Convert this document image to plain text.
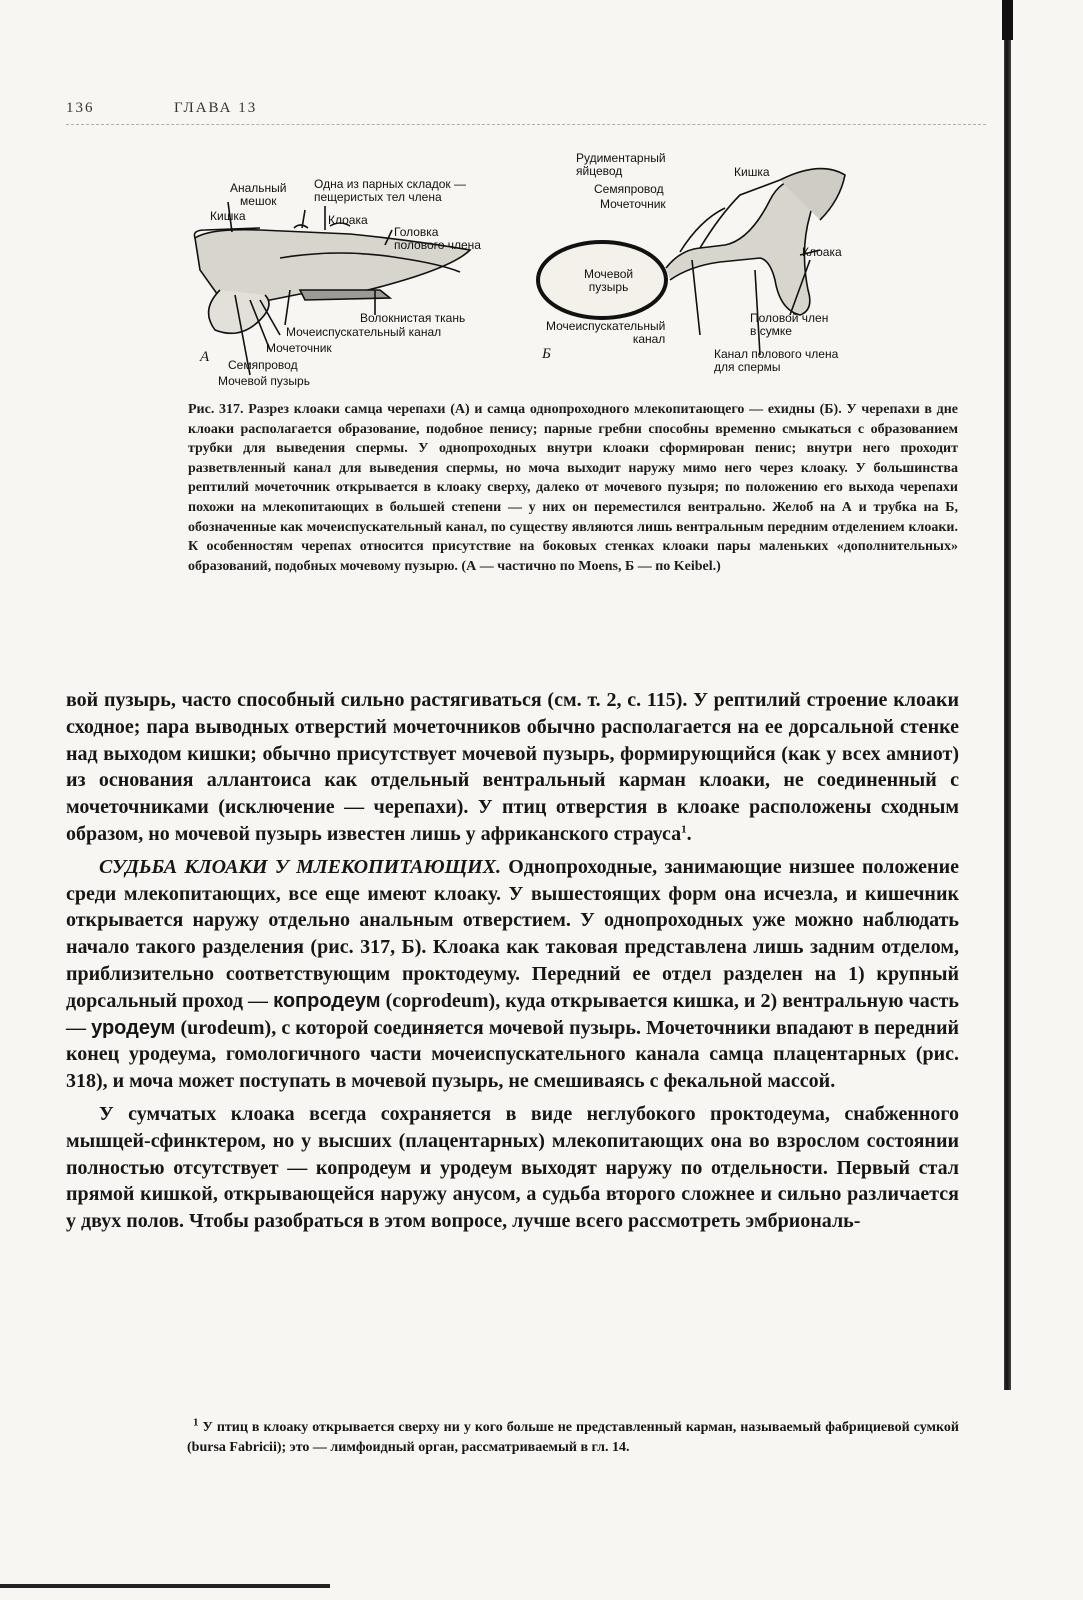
136	ГЛАВА 13
Анальный
мешок
Одна из парных складок —
пещеристых тел члена
Кишка	Клоака
Головка
полового члена
Волокнистая ткань
Мочеиспускательный канал
Мочеточник
А Семяпровод
Мочевой пузырь
Рудиментарный
яйцевод	Кишка
Семяпровод
Мочеточник
Клоака
Мочевой
пузырь
Мочеиспускательный
канал
Половой член
в сумке
Б	Канал полового члена
для спермы
Рис. 317. Разрез клоаки самца черепахи (А) и самца однопроходного млекопитающего — ехидны (Б). У черепахи в дне клоаки располагается образование, подобное пенису; парные гребни способны временно смыкаться с образованием трубки для выведения спермы. У однопроходных внутри клоаки сформирован пенис; внутри него проходит разветвленный канал для выведения спермы, но моча выходит наружу мимо него через клоаку. У большинства рептилий мочеточник открывается в клоаку сверху, далеко от мочевого пузыря; по положению его выхода черепахи похожи на млекопитающих в большей степени — у них он переместился вентрально. Желоб на А и трубка на Б, обозначенные как мочеиспускательный канал, по существу являются лишь вентральным передним отделением клоаки. К особенностям черепах относится присутствие на боковых стенках клоаки пары маленьких «дополнительных» образований, подобных мочевому пузырю. (А — частично по Moens, Б — по Keibel.)

вой пузырь, часто способный сильно растягиваться (см. т. 2, с. 115). У рептилий строение клоаки сходное; пара выводных отверстий мочеточников обычно располагается на ее дорсальной стенке над выходом кишки; обычно присутствует мочевой пузырь, формирующийся (как у всех амниот) из основания аллантоиса как отдельный вентральный карман клоаки, не соединенный с мочеточниками (исключение — черепахи). У птиц отверстия в клоаке расположены сходным образом, но мочевой пузырь известен лишь у африканского страуса$^1$.

СУДЬБА КЛОАКИ У МЛЕКОПИТАЮЩИХ. Однопроходные, занимающие низшее положение среди млекопитающих, все еще имеют клоаку. У вышестоящих форм она исчезла, и кишечник открывается наружу отдельно анальным отверстием. У однопроходных уже можно наблюдать начало такого разделения (рис. 317, Б). Клоака как таковая представлена лишь задним отделом, приблизительно соответствующим проктодеуму. Передний ее отдел разделен на 1) крупный дорсальный проход — копродеум (coprodeum), куда открывается кишка, и 2) вентральную часть — уродеум (urodeum), с которой соединяется мочевой пузырь. Мочеточники впадают в передний конец уродеума, гомологичного части мочеиспускательного канала самца плацентарных (рис. 318), и моча может поступать в мочевой пузырь, не смешиваясь с фекальной массой.

У сумчатых клоака всегда сохраняется в виде неглубокого проктодеума, снабженного мышцей-сфинктером, но у высших (плацентарных) млекопитающих она во взрослом состоянии полностью отсутствует — копродеум и уродеум выходят наружу по отдельности. Первый стал прямой кишкой, открывающейся наружу анусом, а судьба второго сложнее и сильно различается у двух полов. Чтобы разобраться в этом вопросе, лучше всего рассмотреть эмбриональ-

$^1$ У птиц в клоаку открывается сверху ни у кого больше не представленный карман, называемый фабрициевой сумкой (bursa Fabricii); это — лимфоидный орган, рассматриваемый в гл. 14.
